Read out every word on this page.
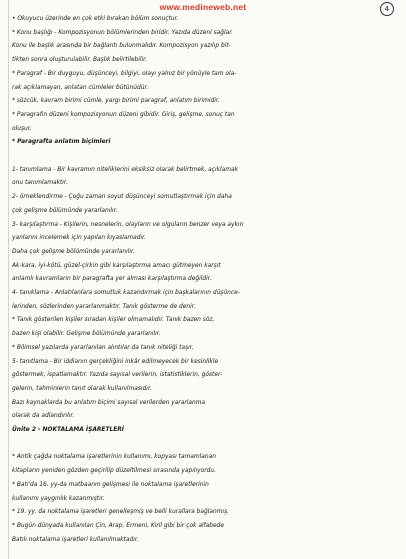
www.medineweb.net	4
• Okuyucu üzerinde en çok etki bırakan bölüm sonuçtur.
* Konu başlığı - Kompozisyonun bölümlerinden biridir. Yazıda düzeni sağlar.
Konu ile başlık arasında bir bağlantı bulunmalıdır. Kompozisyon yazılıp bit-
tikten sonra oluşturulabilir. Başlık belirtilebilir.
* Paragraf - Bir duyguyu, düşünceyi, bilgiyi, olayı yalnız bir yönüyle tam ola-
rak açıklamayan, anlatan cümleler bütünüdür.
* sözcük, kavram birimi cümle, yargı birimi paragraf, anlatım birimidir.
* Paragrafın düzeni kompozisyonun düzeni gibidir. Giriş, gelişme, sonuç tan
oluşur.
* Paragrafta anlatım biçimleri
1- tanımlama - Bir kavramın niteliklerini eksiksiz olarak belirtmek, açıklamak
onu tanımlamaktır.
2- örneklendirme - Çoğu zaman soyut düşünceyi somutlaştırmak için daha
çok gelişme bölümünde yararlanılır.
3- karşılaştırma - Kişilerin, nesnelerin, olayların ve olguların benzer veya aykırı
yanlarını incelemek için yapılan kıyaslamadır.
Daha çok gelişme bölümünde yararlanılır.
Ak-kara, iyi-kötü, güzel-çirkin gibi karşılaştırma amacı gütmeyen karşıt
anlamlı kavramların bir paragrafta yer alması karşılaştırma değildir.
4- tanıklama - Anlatılanlara somutluk kazandırmak için başkalarının düşünce-
lerinden, sözlerinden yararlanmaktır. Tanık gösterme de denir.
* Tanık gösterilen kişiler sıradan kişiler olmamalıdır. Tanık bazen söz,
bazen kişi olabilir. Gelişme bölümünde yararlanılır.
* Bilimsel yazılarda yararlanılan alıntılar da tanık niteliği taşır.
5- tanıtlama - Bir iddianın gerçekliğini inkâr edilmeyecek bir kesinlikle
göstermek, ispatlamaktır. Yazıda sayısal verilerin, istatistiklerin, göster-
gelerin, tahminlerin tanıt olarak kullanılmasıdır.
Bazı kaynaklarda bu anlatım biçimi sayısal verilerden yararlanma
olarak da adlandırılır.
Ünite 2 - NOKTALAMA İŞARETLERİ
* Antik çağda noktalama işaretlerinin kullanımı, kopyası tamamlanan
kitapların yeniden gözden geçirilip düzeltilmesi sırasında yapılıyordu.
* Batı'da 16. yy-da matbaanın gelişmesi ile noktalama işaretlerinin
kullanımı yaygınlık kazanmıştır.
* 19. yy. da noktalama işaretleri genelleşmiş ve belli kurallara bağlanmış.
* Bugün dünyada kullanılan Çin, Arap, Ermeni, Kiril gibi bir çok alfabede
Batılı noktalama işaretleri kullanılmaktadır.
